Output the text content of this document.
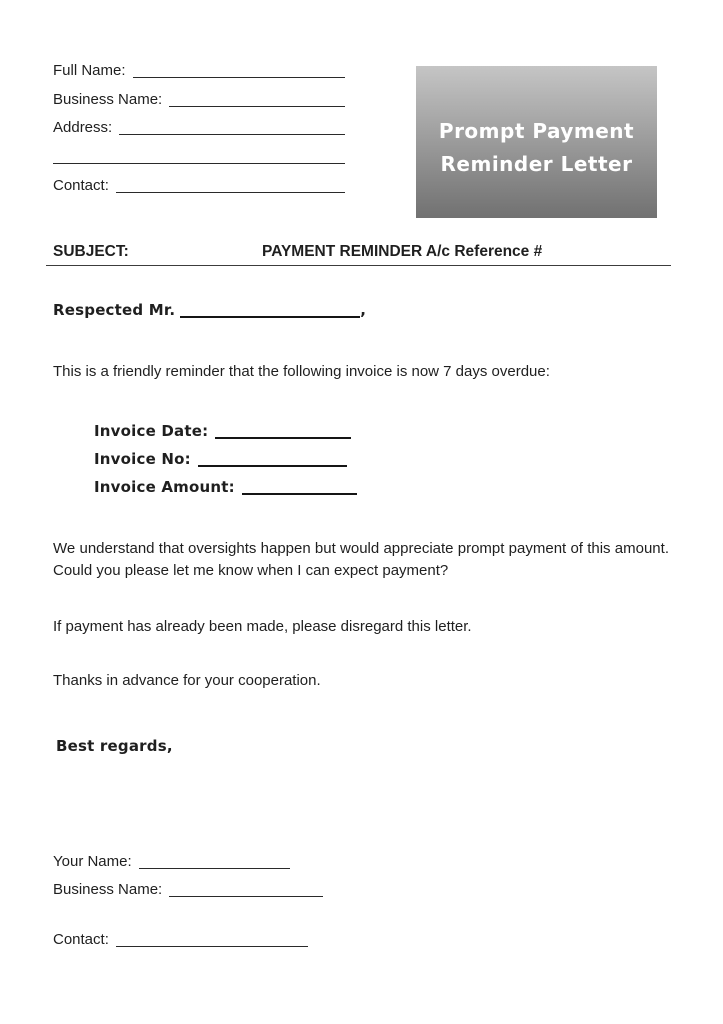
Full Name:
Business Name:
Address:
Contact:
Prompt Payment
Reminder Letter
SUBJECT:	PAYMENT REMINDER A/c Reference #
Respected Mr.	,
This is a friendly reminder that the following invoice is now 7 days overdue:
Invoice Date:
Invoice No:
Invoice Amount:
We understand that oversights happen but would appreciate prompt payment of this amount. Could you please let me know when I can expect payment?
If payment has already been made, please disregard this letter.
Thanks in advance for your cooperation.
Best regards,
Your Name:
Business Name:
Contact:
